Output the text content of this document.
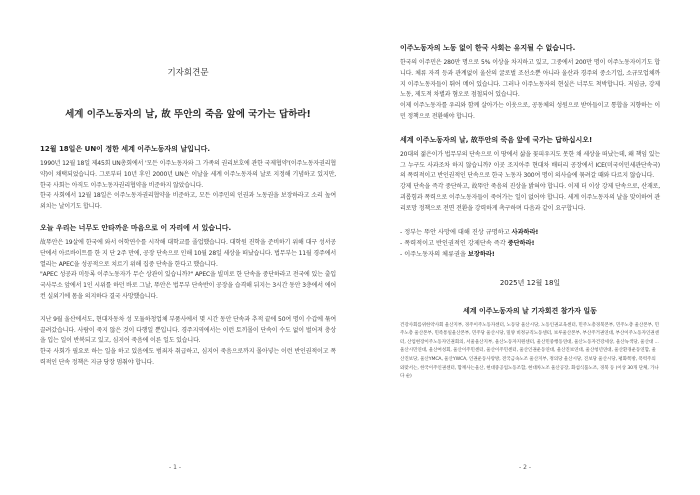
기자회견문

세계 이주노동자의 날, 故 뚜안의 죽음 앞에 국가는 답하라!

12월 18일은 UN이 정한 세계 이주노동자의 날입니다.

1990년 12월 18일 제45회 UN총회에서 '모든 이주노동자와 그 가족의 권리보호에 관한 국제협약'(이주노동자권리협약)이 채택되었습니다. 그로부터 10년 후인 2000년 UN은 이날을 세계 이주노동자의 날로 지정해 기념하고 있지만, 한국 사회는 아직도 이주노동자권리협약을 비준하지 않았습니다.

한국 사회에서 12월 18일은 이주노동자권리협약을 비준하고, 모든 이주민의 인권과 노동권을 보장하라고 소리 높여 외치는 날이기도 합니다.

오늘 우리는 너무도 안타까운 마음으로 이 자리에 서 있습니다.

故뚜안은 19살에 한국에 와서 어학연수를 시작해 대학교를 졸업했습니다. 대학원 진학을 준비하기 위해 대구 성서공단에서 아르바이트를 한 지 단 2주 만에, 공장 단속으로 인해 10월 28일 세상을 떠났습니다. 법무부는 11월 경주에서 열리는 APEC을 성공적으로 치르기 위해 집중 단속을 한다고 했습니다.

"APEC 성공과 미등록 이주노동자가 무슨 상관이 있습니까?" APEC을 빌미로 한 단속을 중단하라고 전국에 있는 출입국사무소 앞에서 1인 시위를 하던 바로 그날, 뚜안은 법무부 단속반이 공장을 습격해 뒤지는 3시간 동안 3층에서 에어컨 실외기에 몸을 의지하다 결국 사망했습니다.

지난 9월 울산에서도, 현대자동차 성 모듈하청업체 부품사에서 몇 시간 동안 단속과 추적 끝에 50여 명이 수갑에 묶여 끌려갔습니다. 사람이 죽지 않은 것이 다행일 뿐입니다. 경주지역에서는 이런 토끼몰이 단속이 수도 없이 벌어져 충상을 입는 일이 반복되고 있고, 심지어 죽음에 이른 일도 있습니다.

한국 사회가 필요로 하는 일을 하고 있음에도 범죄자 취급하고, 심지어 죽음으로까지 몰아넣는 이런 반인권적이고 폭력적인 단속 정책은 지금 당장 멈춰야 합니다.

- 1 -

이주노동자의 노동 없이 한국 사회는 유지될 수 없습니다.

한국의 이주민은 280만 명으로 5% 이상을 차지하고 있고, 그중에서 200만 명이 이주노동자이기도 합니다. 체류 자격 등과 관계없이 울산의 굴로벌 조선소뿐 아니라 울산과 경주의 중소기업, 소규모업체까지 이주노동자들이 뛰어 메어 있습니다. 그러나 이주노동자의 현실은 너무도 척박합니다. 저임금, 강제노동, 제도적 차별과 혐오로 점철되어 있습니다.

이제 이주노동자를 우리와 함께 살아가는 이웃으로, 공동체의 성원으로 받아들이고 통합을 지향하는 이민 정책으로 전환해야 합니다.

세계 이주노동자의 날, 故뚜안의 죽음 앞에 국가는 답하십시오!

20대의 젊은이가 법무부의 단속으로 이 땅에서 삶을 꽃피우지도 못한 채 세상을 떠났는데, 왜 책임 있는 그 누구도 사과조차 하지 않습니까? 이곳 조지아주 현대차 배터리 공장에서 ICE(미국이민세관단속국)의 폭력적이고 반인권적인 단속으로 한국 노동자 300여 명이 의사슬에 묶려갈 때와 다르지 않습니다.

강제 단속을 즉각 중단하고, 故뚜안 죽음의 진상을 밝혀야 합니다. 이제 더 이상 강제 단속으로, 산재로, 괴롭힘과 폭력으로 이주노동자들이 죽어가는 일이 없어야 합니다. 세계 이주노동자의 날을 맞이하여 관리로망 정책으로 전면 전환을 강력하게 촉구하며 다음과 같이 요구합니다.

- 정부는 뚜안 사망에 대해 진상 규명하고 사과하라!
- 폭력적이고 반인권적인 강제단속 즉각 중단하라!
- 이주노동자의 체류권을 보장하라!

2025년 12월 18일

세계 이주노동자의 날 기자회견 참가자 일동

건강사회를위한약사회 울산지부, 경주이주노동자센터, 노동당 울산시당, 노동인권교육센터, 민주노총경북본부, 민주노총 울산본부, 민주노총 울산본부, 민족통일울산본부, 민주당 울산시당, 밀양 비정규직노동센터, 보루울산본부, 부산주거권연대, 부산이주노동자인권센터, 산업현장이주노동자인권회의, 서울울산지부, 울산노동자지원센터, 울산민중행동연대, 울산노동자건강세상, 울산녹색당, 울산대 ... 울산시민연대, 울산여성회, 울산이주민센터, 울산이주민센터, 울산인권운동연대, 울산진보연대, 울산청년연대, 울산환경운동연합, 울산진보당, 울산YMCA, 울산YWCA, 인권운동사랑방, 전국금속노조 울산지부, 정의당 울산시당, 진보당 울산시당, 평화쪽방, 폭력주의와맞서는, 한국이주인권센터, 함께사는울산, 현대중공업노동조합, 현대차노조 울산공장, 화섬식품노조, 경북 등 (이상 30개 단체, 가나다 순)

- 2 -
